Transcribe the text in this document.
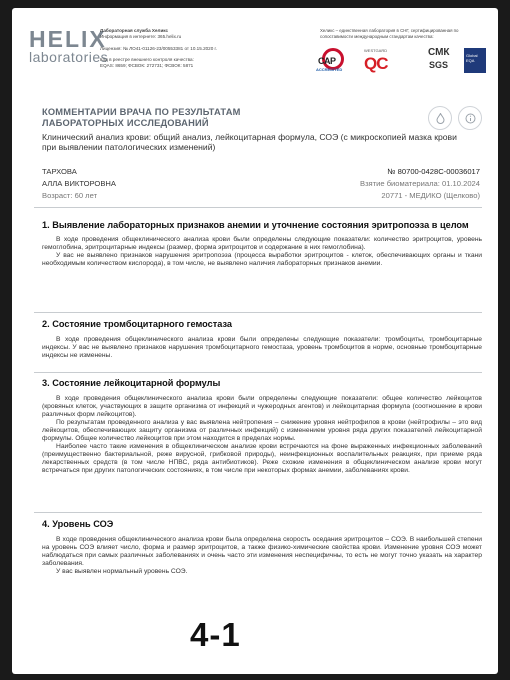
HELIX
laboratories
Лабораторная служба Хеликс
Информация в интернете: 365.helix.ru
Лицензия: № ЛО41-01126-23/00553381 от 10.15.2020 г.
Код в реестре внешнего контроля качества:
EQAS: 8659; ФСВОК: 272731; ФСВОК: 5871
Хеликс – единственная лаборатория в СНГ, сертифицированная по сопоставимости международным стандартам качества:
CAP
ACCREDITED
WESTGARD
QC
СМК
SGS
Global EQA
КОММЕНТАРИИ ВРАЧА ПО РЕЗУЛЬТАТАМ
ЛАБОРАТОРНЫХ ИССЛЕДОВАНИЙ
Клинический анализ крови: общий анализ, лейкоцитарная формула, СОЭ (с микроскопией мазка крови при выявлении патологических изменений)
ТАРХОВА	№ 80700-0428С-00036017
АЛЛА ВИКТОРОВНА	Взятие биоматериала: 01.10.2024
Возраст: 60 лет	20771 - МЕДИКО (Щелково)
1. Выявление лабораторных признаков анемии и уточнение состояния эритропоэза в целом

В ходе проведения общеклинического анализа крови были определены следующие показатели: количество эритроцитов, уровень гемоглобина, эритроцитарные индексы (размер, форма эритроцитов и содержание в них гемоглобина).

У вас не выявлено признаков нарушения эритропоэза (процесса выработки эритроцитов - клеток, обеспечивающих органы и ткани необходимым количеством кислорода), в том числе, не выявлено наличия лабораторных признаков анемии.

2. Состояние тромбоцитарного гемостаза

В ходе проведения общеклинического анализа крови были определены следующие показатели: тромбоциты, тромбоцитарные индексы. У вас не выявлено признаков нарушения тромбоцитарного гемостаза, уровень тромбоцитов в норме, основные тромбоцитарные индексы не изменены.

3. Состояние лейкоцитарной формулы

В ходе проведения общеклинического анализа крови были определены следующие показатели: общее количество лейкоцитов (кровяных клеток, участвующих в защите организма от инфекций и чужеродных агентов) и лейкоцитарная формула (соотношение в крови различных форм лейкоцитов).

По результатам проведенного анализа у вас выявлена нейтропения – снижение уровня нейтрофилов в крови (нейтрофилы – это вид лейкоцитов, обеспечивающих защиту организма от различных инфекций) с изменением уровня ряда других показателей лейкоцитарной формулы. Общее количество лейкоцитов при этом находится в пределах нормы.

Наиболее часто такие изменения в общеклиническом анализе крови встречаются на фоне выраженных инфекционных заболеваний (преимущественно бактериальной, реже вирусной, грибковой природы), неинфекционных воспалительных реакциях, при приеме ряда лекарственных средств (в том числе НПВС, ряда антибиотиков). Реже схожие изменения в общеклиническом анализе крови могут встречаться при других патологических состояниях, в том числе при некоторых формах анемии, заболеваниях крови.

4. Уровень СОЭ

В ходе проведения общеклинического анализа крови была определена скорость оседания эритроцитов – СОЭ. В наибольшей степени на уровень СОЭ влияет число, форма и размер эритроцитов, а также физико-химические свойства крови. Изменение уровня СОЭ может наблюдаться при самых различных заболеваниях и очень часто эти изменения неспецифичны, то есть не могут точно указать на характер заболевания.

У вас выявлен нормальный уровень СОЭ.

4-1
